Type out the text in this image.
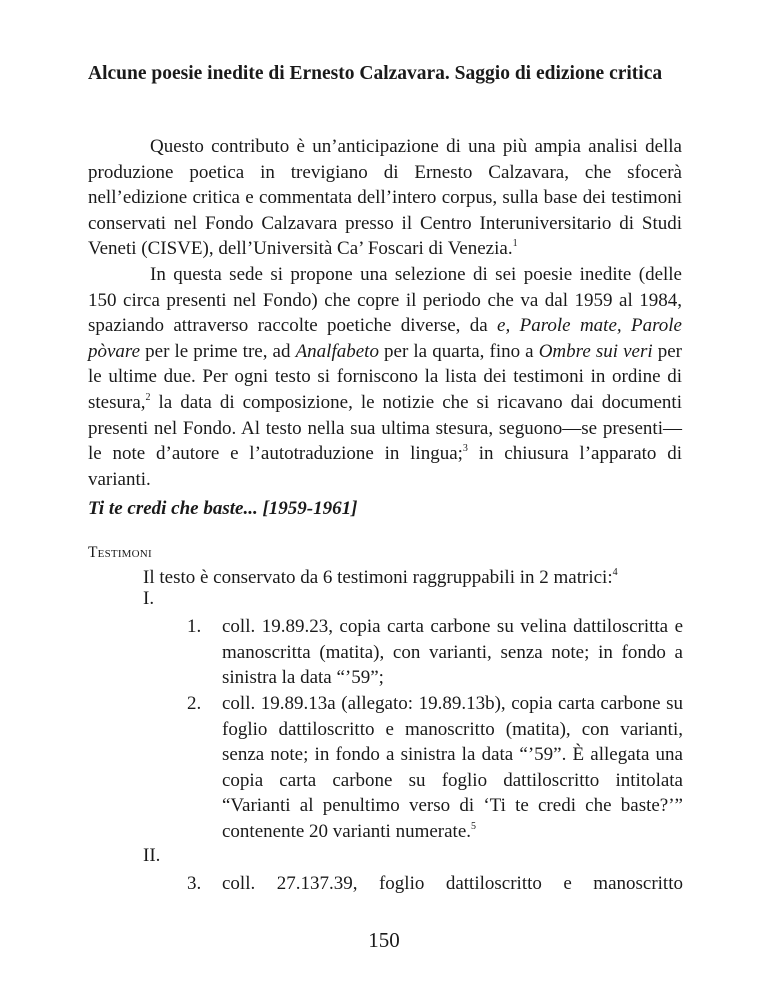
Alcune poesie inedite di Ernesto Calzavara. Saggio di edizione critica

Questo contributo è un’anticipazione di una più ampia analisi della produzione poetica in trevigiano di Ernesto Calzavara, che sfocerà nell’edizione critica e commentata dell’intero corpus, sulla base dei testimoni conservati nel Fondo Calzavara presso il Centro Interuniversitario di Studi Veneti (CISVE), dell’Università Ca’ Foscari di Venezia.$^1$

In questa sede si propone una selezione di sei poesie inedite (delle 150 circa presenti nel Fondo) che copre il periodo che va dal 1959 al 1984, spaziando attraverso raccolte poetiche diverse, da e, Parole mate, Parole pòvare per le prime tre, ad Analfabeto per la quarta, fino a Ombre sui veri per le ultime due. Per ogni testo si forniscono la lista dei testimoni in ordine di stesura,$^2$ la data di composizione, le notizie che si ricavano dai documenti presenti nel Fondo. Al testo nella sua ultima stesura, seguono—se presenti—le note d’autore e l’autotraduzione in lingua;$^3$ in chiusura l’apparato di varianti.

Ti te credi che baste... [1959-1961]
Testimoni

Il testo è conservato da 6 testimoni raggruppabili in 2 matrici:$^4$

I.
1. coll. 19.89.23, copia carta carbone su velina dattiloscritta e manoscritta (matita), con varianti, senza note; in fondo a sinistra la data “’59”;
2. coll. 19.89.13a (allegato: 19.89.13b), copia carta carbone su foglio dattiloscritto e manoscritto (matita), con varianti, senza note; in fondo a sinistra la data “’59”. È allegata una copia carta carbone su foglio dattiloscritto intitolata “Varianti al penultimo verso di ‘Ti te credi che baste?’” contenente 20 varianti numerate.$^5$
II.
3. coll. 27.137.39, foglio dattiloscritto e manoscritto
150
